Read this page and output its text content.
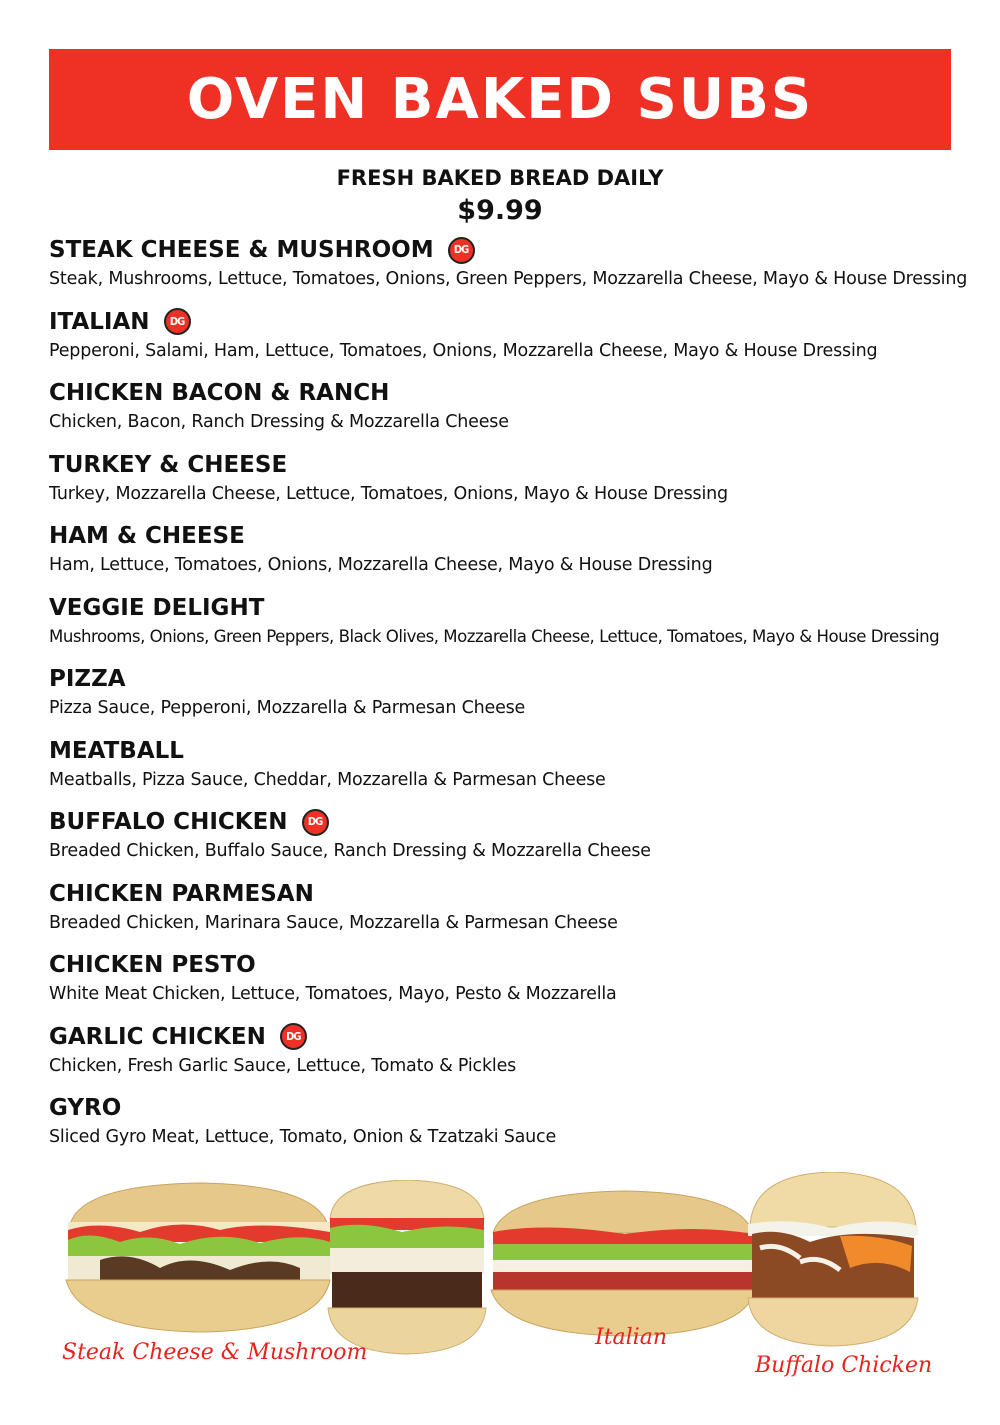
OVEN BAKED SUBS
FRESH BAKED BREAD DAILY
$9.99
STEAK CHEESE & MUSHROOM	DG
Steak, Mushrooms, Lettuce, Tomatoes, Onions, Green Peppers, Mozzarella Cheese, Mayo & House Dressing
ITALIAN	DG
Pepperoni, Salami, Ham, Lettuce, Tomatoes, Onions, Mozzarella Cheese, Mayo & House Dressing
CHICKEN BACON & RANCH
Chicken, Bacon, Ranch Dressing & Mozzarella Cheese
TURKEY & CHEESE
Turkey, Mozzarella Cheese, Lettuce, Tomatoes, Onions, Mayo & House Dressing
HAM & CHEESE
Ham, Lettuce, Tomatoes, Onions, Mozzarella Cheese, Mayo & House Dressing
VEGGIE DELIGHT
Mushrooms, Onions, Green Peppers, Black Olives, Mozzarella Cheese, Lettuce, Tomatoes, Mayo & House Dressing
PIZZA
Pizza Sauce, Pepperoni, Mozzarella & Parmesan Cheese
MEATBALL
Meatballs, Pizza Sauce, Cheddar, Mozzarella & Parmesan Cheese
BUFFALO CHICKEN	DG
Breaded Chicken, Buffalo Sauce, Ranch Dressing & Mozzarella Cheese
CHICKEN PARMESAN
Breaded Chicken, Marinara Sauce, Mozzarella & Parmesan Cheese
CHICKEN PESTO
White Meat Chicken, Lettuce, Tomatoes, Mayo, Pesto & Mozzarella
GARLIC CHICKEN	DG
Chicken, Fresh Garlic Sauce, Lettuce, Tomato & Pickles
GYRO
Sliced Gyro Meat, Lettuce, Tomato, Onion & Tzatzaki Sauce
Steak Cheese & Mushroom
Italian
Buffalo Chicken
